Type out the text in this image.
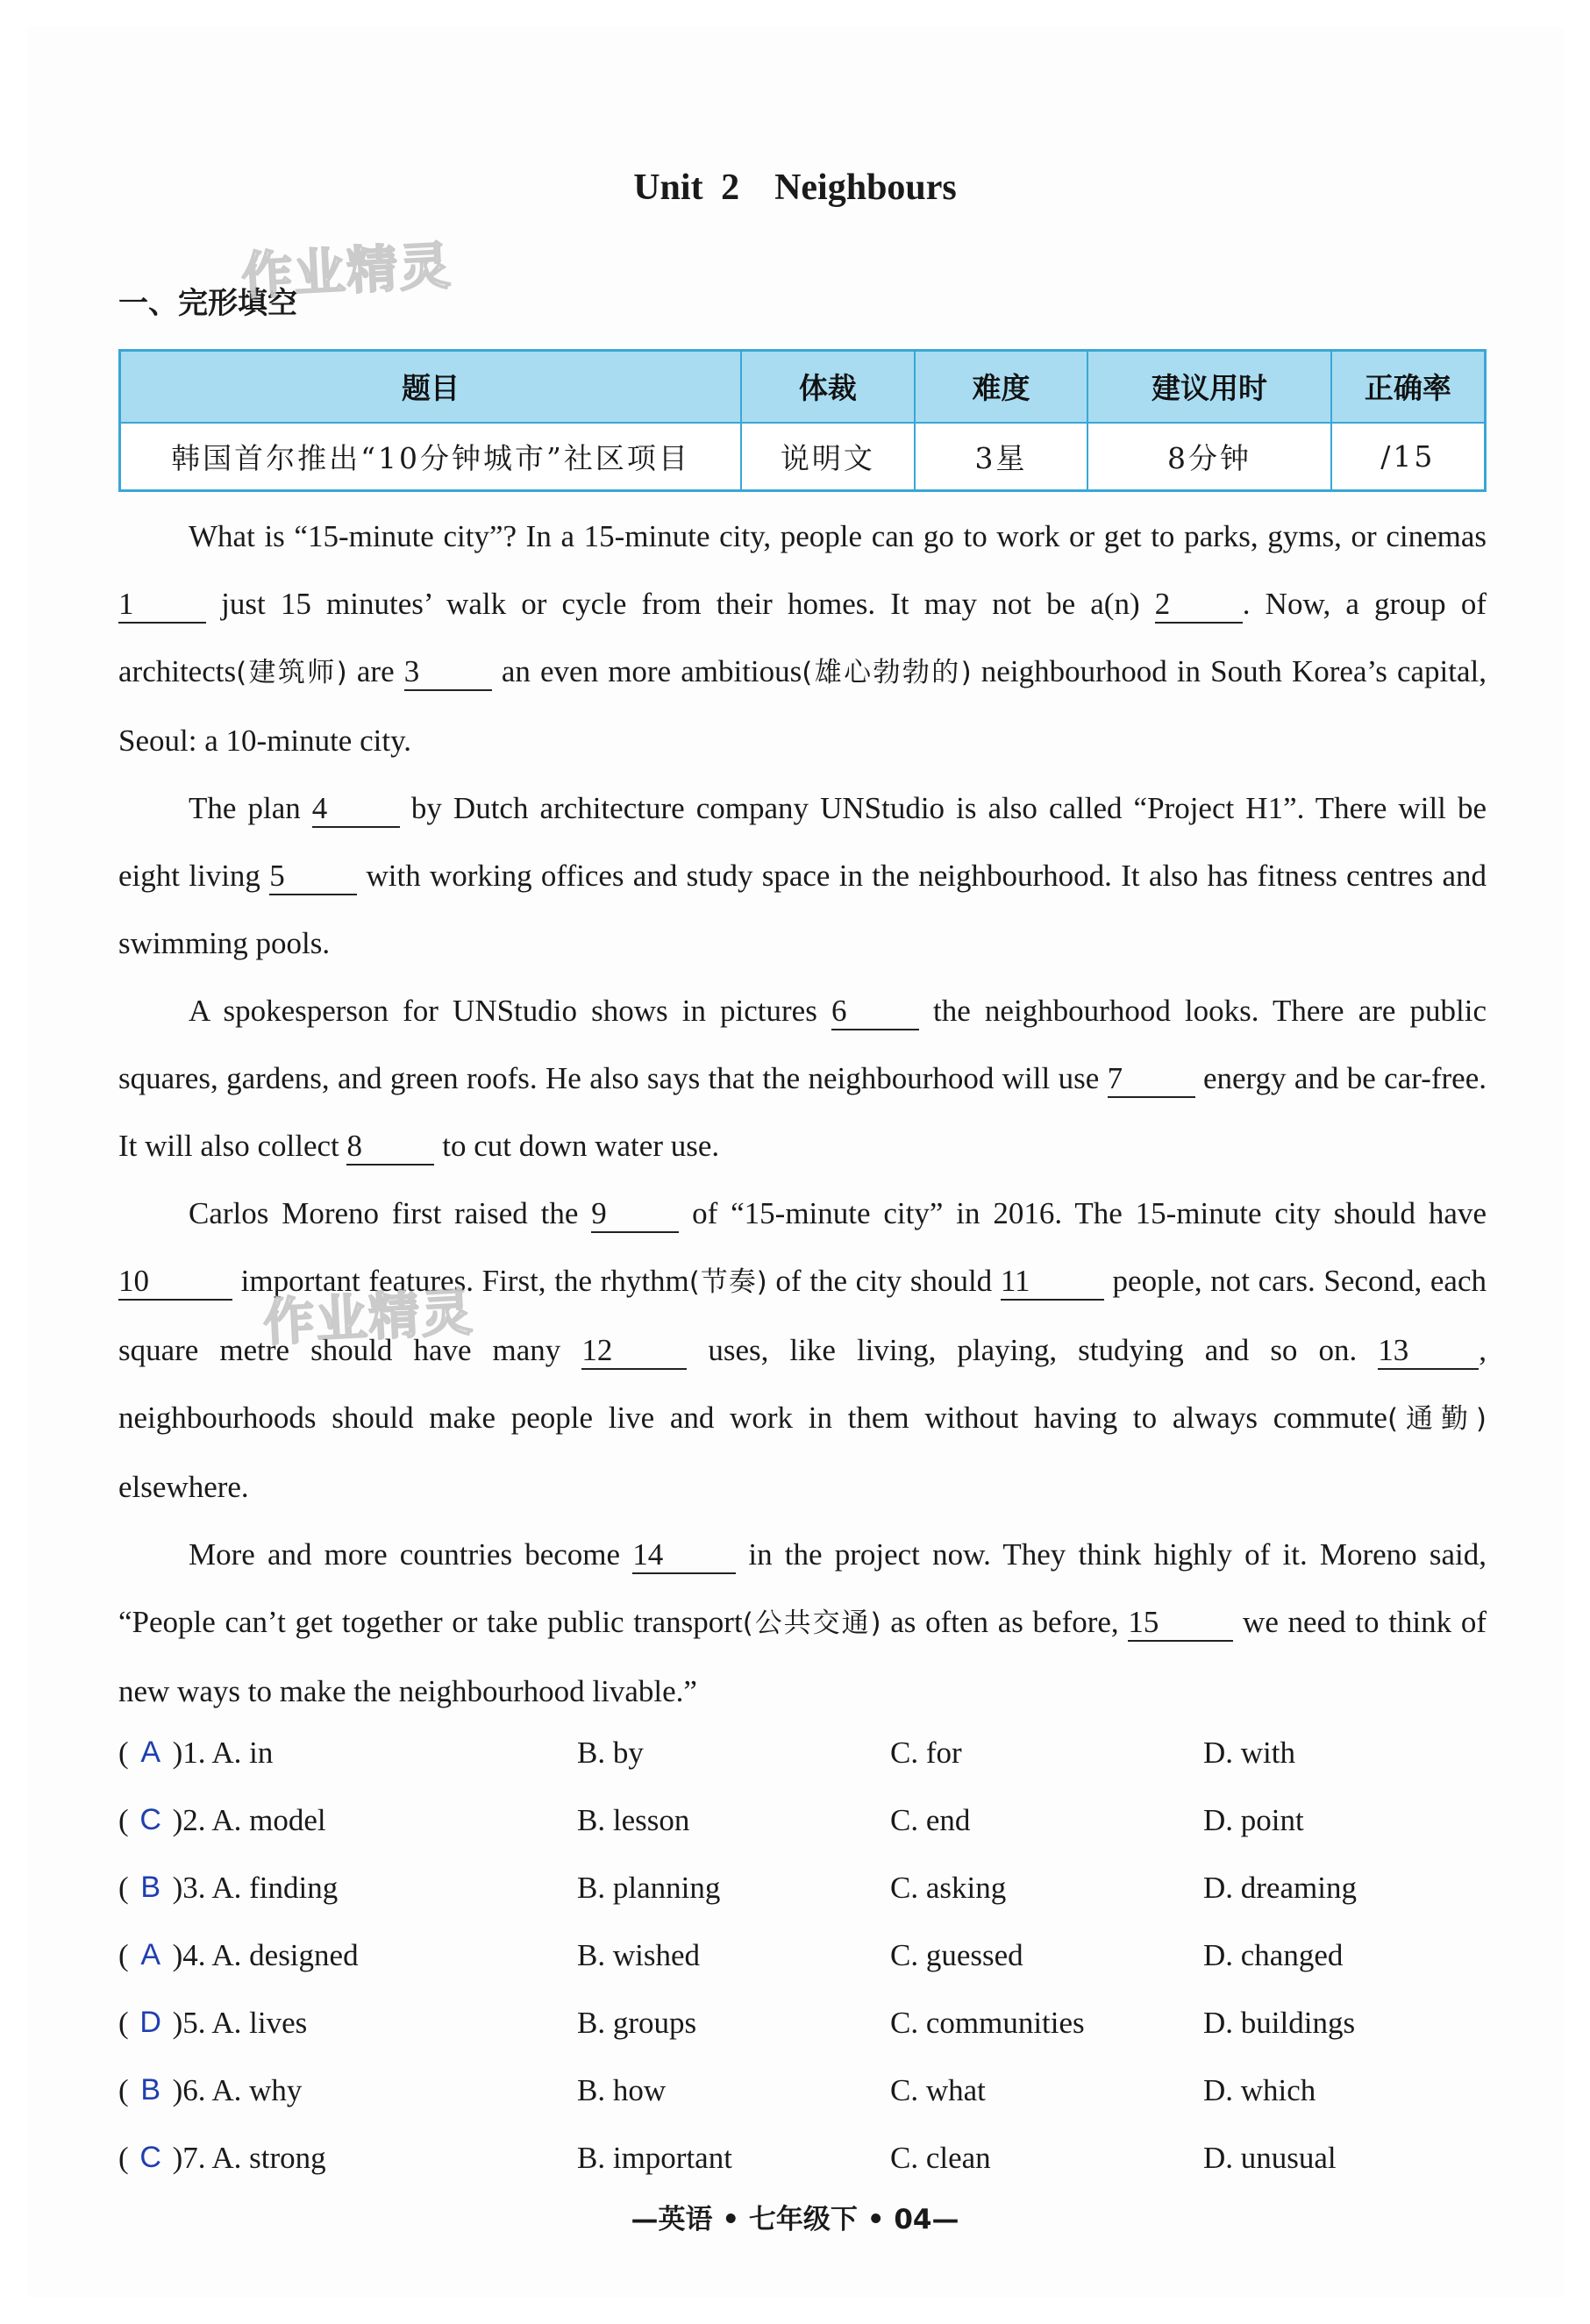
作业精灵
作业精灵
Unit 2 Neighbours
一、完形填空
题目	体裁	难度	建议用时	正确率
韩国首尔推出“10分钟城市”社区项目	说明文	3星	8分钟	/15

What is “15-minute city”? In a 15-minute city, people can go to work or get to parks, gyms, or cinemas 1 just 15 minutes’ walk or cycle from their homes. It may not be a(n) 2 . Now, a group of architects(建筑师) are 3 an even more ambitious(雄心勃勃的) neighbourhood in South Korea’s capital, Seoul: a 10-minute city.

The plan 4 by Dutch architecture company UNStudio is also called “Project H1”. There will be eight living 5 with working offices and study space in the neighbourhood. It also has fitness centres and swimming pools.

A spokesperson for UNStudio shows in pictures 6 the neighbourhood looks. There are public squares, gardens, and green roofs. He also says that the neighbourhood will use 7 energy and be car-free. It will also collect 8 to cut down water use.

Carlos Moreno first raised the 9 of “15-minute city” in 2016. The 15-minute city should have 10	important features. First, the rhythm(节奏) of the city should 11 people, not cars. Second, each square metre should have many 12 uses, like living, playing, studying and so on. 13 , neighbourhoods should make people live and work in them without having to always commute(通勤) elsewhere.

More and more countries become 14 in the project now. They think highly of it. Moreno said, “People can’t get together or take public transport(公共交通) as often as before, 15 we need to think of new ways to make the neighbourhood livable.”

( A )1. A. in	B. by	C. for	D. with
( C )2. A. model	B. lesson	C. end	D. point
( B )3. A. finding	B. planning	C. asking	D. dreaming
( A )4. A. designed	B. wished	C. guessed	D. changed
( D )5. A. lives	B. groups	C. communities	D. buildings
( B )6. A. why	B. how	C. what	D. which
( C )7. A. strong	B. important	C. clean	D. unusual
—英语 • 七年级下 • 04—
